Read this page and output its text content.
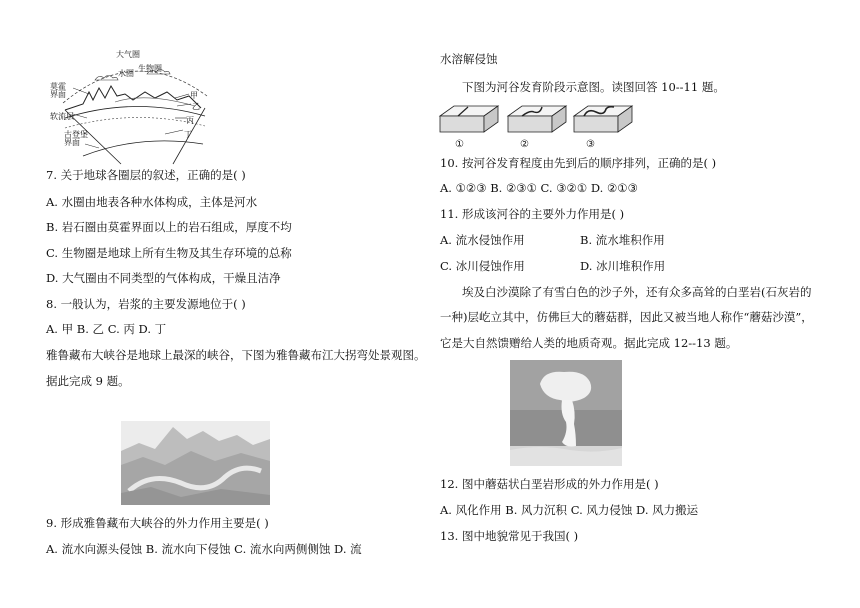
大气圈
生物圈
水圈
莫霍
界面
软流层
古登堡
界面
甲
乙
丙
丁
7. 关于地球各圈层的叙述，正确的是( )
A. 水圈由地表各种水体构成，主体是河水
B. 岩石圈由莫霍界面以上的岩石组成，厚度不均
C. 生物圈是地球上所有生物及其生存环境的总称
D. 大气圈由不同类型的气体构成，干燥且洁净
8. 一般认为，岩浆的主要发源地位于( )
A. 甲 B. 乙 C. 丙 D. 丁
雅鲁藏布大峡谷是地球上最深的峡谷，下图为雅鲁藏布江大拐弯处景观图。
据此完成 9 题。
9. 形成雅鲁藏布大峡谷的外力作用主要是( )
A. 流水向源头侵蚀 B. 流水向下侵蚀 C. 流水向两侧侧蚀 D. 流
水溶解侵蚀
下图为河谷发育阶段示意图。读图回答 10--11 题。
①	②	③
10. 按河谷发育程度由先到后的顺序排列，正确的是( )
A. ①②③ B. ②③① C. ③②① D. ②①③
11. 形成该河谷的主要外力作用是( )
A. 流水侵蚀作用	B. 流水堆积作用
C. 冰川侵蚀作用	D. 冰川堆积作用
埃及白沙漠除了有雪白色的沙子外，还有众多高耸的白垩岩(石灰岩的
一种)层屹立其中，仿佛巨大的蘑菇群，因此又被当地人称作“蘑菇沙漠”，
它是大自然馈赠给人类的地质奇观。据此完成 12--13 题。
12. 图中蘑菇状白垩岩形成的外力作用是( )
A. 风化作用 B. 风力沉积 C. 风力侵蚀 D. 风力搬运
13. 图中地貌常见于我国( )
